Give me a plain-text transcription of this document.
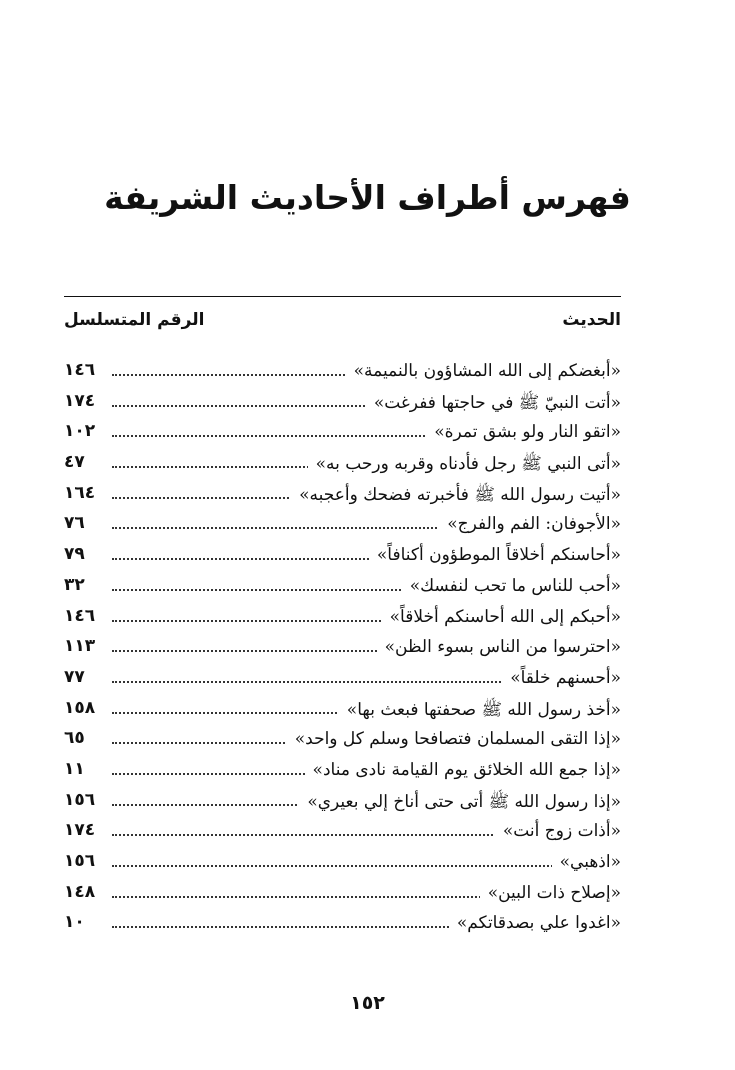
فهرس أطراف الأحاديث الشريفة
الحديث
الرقم المتسلسل
«أبغضكم إلى الله المشاؤون بالنميمة»
١٤٦
«أتت النبيّ ﷺ في حاجتها ففرغت»
١٧٤
«اتقو النار ولو بشق تمرة»
١٠٢
«أتى النبي ﷺ رجل فأدناه وقربه ورحب به»
٤٧
«أتيت رسول الله ﷺ فأخبرته فضحك وأعجبه»
١٦٤
«الأجوفان: الفم والفرج»
٧٦
«أحاسنكم أخلاقاً الموطؤون أكنافاً»
٧٩
«أحب للناس ما تحب لنفسك»
٣٢
«أحبكم إلى الله أحاسنكم أخلاقاً»
١٤٦
«احترسوا من الناس بسوء الظن»
١١٣
«أحسنهم خلقاً»
٧٧
«أخذ رسول الله ﷺ صحفتها فبعث بها»
١٥٨
«إذا التقى المسلمان فتصافحا وسلم كل واحد»
٦٥
«إذا جمع الله الخلائق يوم القيامة نادى مناد»
١١
«إذا رسول الله ﷺ أتى حتى أناخ إلي بعيري»
١٥٦
«أذات زوج أنت»
١٧٤
«اذهبي»
١٥٦
«إصلاح ذات البين»
١٤٨
«اغدوا علي بصدقاتكم»
١٠
١٥٢
